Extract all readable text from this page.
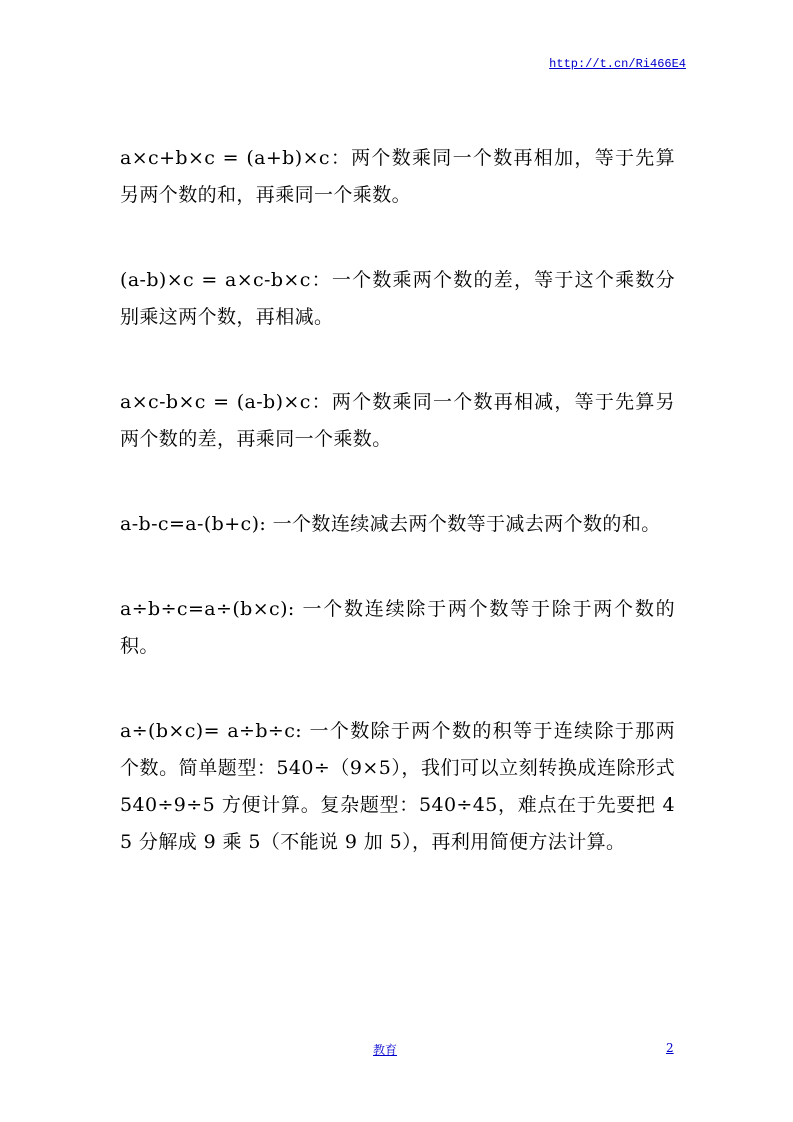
http://t.cn/Ri466E4

a×c+b×c = (a+b)×c：两个数乘同一个数再相加，等于先算另两个数的和，再乘同一个乘数。

(a-b)×c = a×c-b×c：一个数乘两个数的差，等于这个乘数分别乘这两个数，再相减。

a×c-b×c = (a-b)×c：两个数乘同一个数再相减，等于先算另两个数的差，再乘同一个乘数。

a-b-c=a-(b+c): 一个数连续减去两个数等于减去两个数的和。

a÷b÷c=a÷(b×c): 一个数连续除于两个数等于除于两个数的积。

a÷(b×c)= a÷b÷c: 一个数除于两个数的积等于连续除于那两个数。简单题型：540÷（9×5），我们可以立刻转换成连除形式 540÷9÷5 方便计算。复杂题型：540÷45，难点在于先要把 45 分解成 9 乘 5（不能说 9 加 5），再利用简便方法计算。

教育	2
